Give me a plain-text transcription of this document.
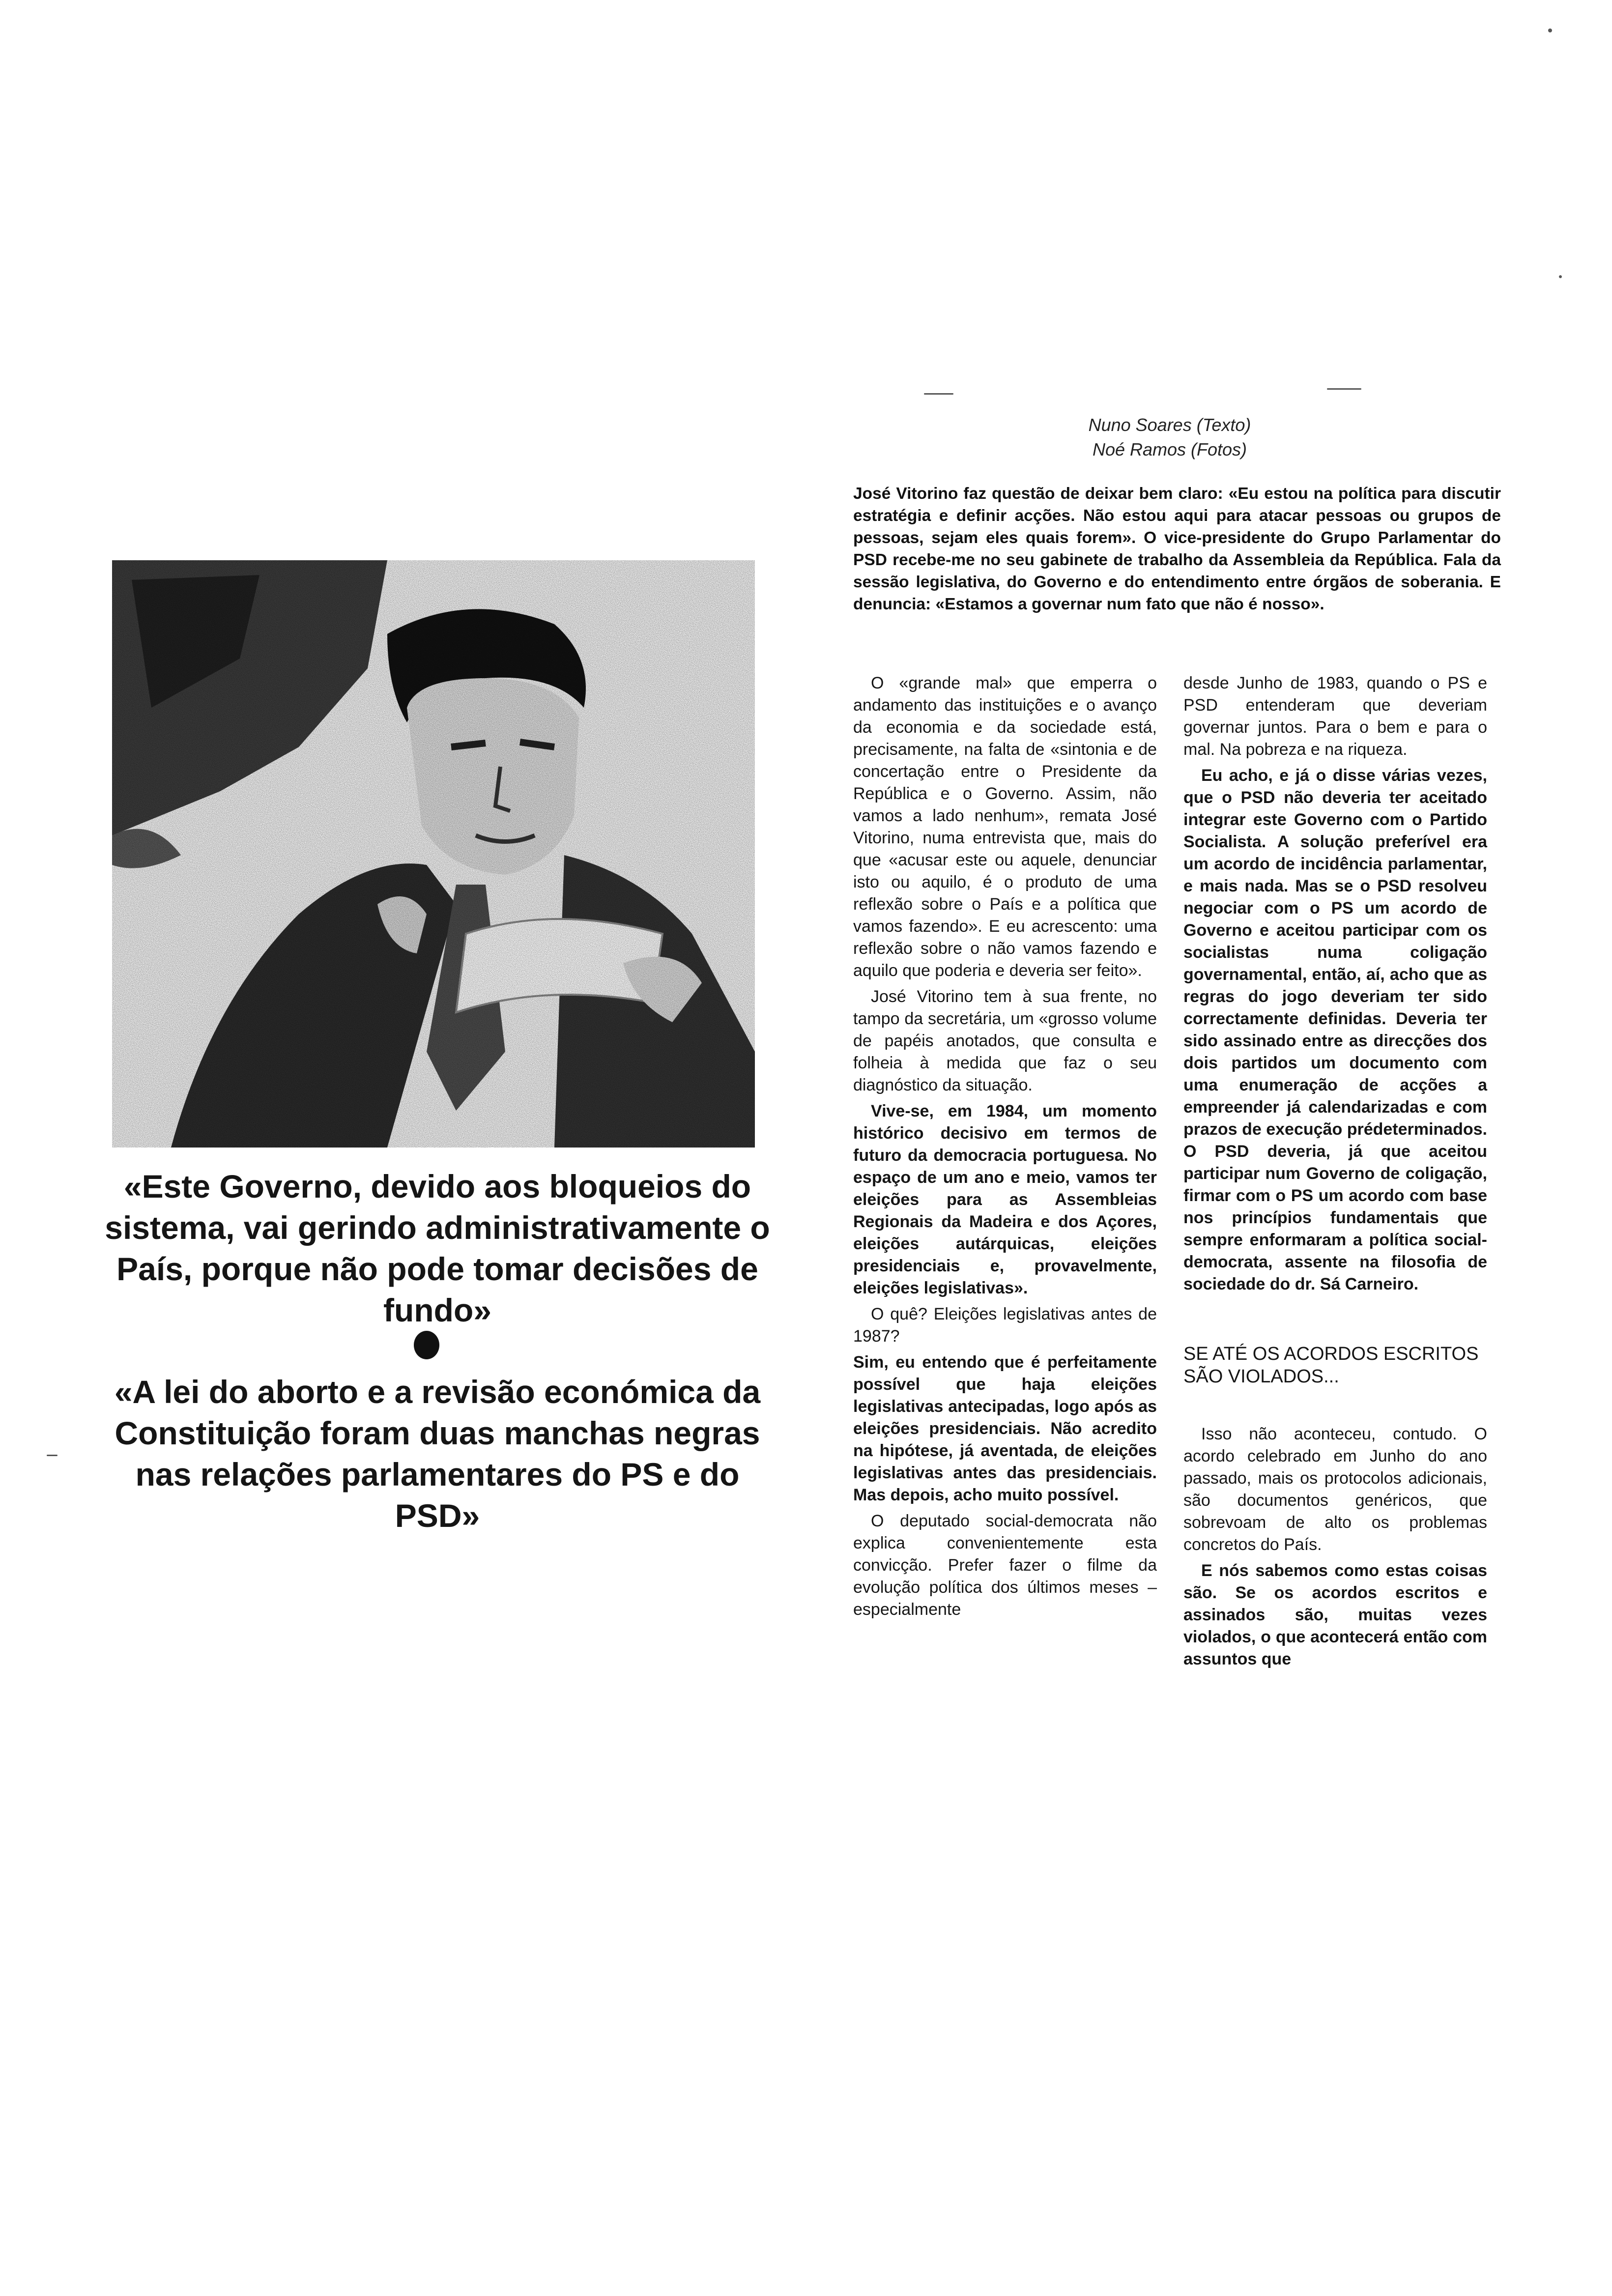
«Este Governo, devido aos bloqueios do sistema, vai gerindo administrativamente o País, porque não pode tomar decisões de fundo»

«A lei do aborto e a revisão económica da Constituição foram duas manchas negras nas relações parlamentares do PS e do PSD»

Nuno Soares (Texto)
Noé Ramos (Fotos)

José Vitorino faz questão de deixar bem claro: «Eu estou na política para discutir estratégia e definir acções. Não estou aqui para atacar pessoas ou grupos de pessoas, sejam eles quais forem». O vice-presidente do Grupo Parlamentar do PSD recebe-me no seu gabinete de trabalho da Assembleia da República. Fala da sessão legislativa, do Governo e do entendimento entre órgãos de soberania. E denuncia: «Estamos a governar num fato que não é nosso».

O «grande mal» que emperra o andamento das instituições e o avanço da economia e da sociedade está, precisamente, na falta de «sintonia e de concertação entre o Presidente da República e o Governo. Assim, não vamos a lado nenhum», remata José Vitorino, numa entrevista que, mais do que «acusar este ou aquele, denunciar isto ou aquilo, é o produto de uma reflexão sobre o País e a política que vamos fazendo». E eu acrescento: uma reflexão sobre o não vamos fazendo e aquilo que poderia e deveria ser feito».

José Vitorino tem à sua frente, no tampo da secretária, um «grosso volume de papéis anotados, que consulta e folheia à medida que faz o seu diagnóstico da situação.

Vive-se, em 1984, um momento histórico decisivo em termos de futuro da democracia portuguesa. No espaço de um ano e meio, vamos ter eleições para as Assembleias Regionais da Madeira e dos Açores, eleições autárquicas, eleições presidenciais e, provavelmente, eleições legislativas».

O quê? Eleições legislativas antes de 1987?

Sim, eu entendo que é perfeitamente possível que haja eleições legislativas antecipadas, logo após as eleições presidenciais. Não acredito na hipótese, já aventada, de eleições legislativas antes das presidenciais. Mas depois, acho muito possível.

O deputado social-democrata não explica convenientemente esta convicção. Prefer fazer o filme da evolução política dos últimos meses – especialmente

desde Junho de 1983, quando o PS e PSD entenderam que deveriam governar juntos. Para o bem e para o mal. Na pobreza e na riqueza.

Eu acho, e já o disse várias vezes, que o PSD não deveria ter aceitado integrar este Governo com o Partido Socialista. A solução preferível era um acordo de incidência parlamentar, e mais nada. Mas se o PSD resolveu negociar com o PS um acordo de Governo e aceitou participar com os socialistas numa coligação governamental, então, aí, acho que as regras do jogo deveriam ter sido correctamente definidas. Deveria ter sido assinado entre as direcções dos dois partidos um documento com uma enumeração de acções a empreender já calendarizadas e com prazos de execução prédeterminados. O PSD deveria, já que aceitou participar num Governo de coligação, firmar com o PS um acordo com base nos princípios fundamentais que sempre enformaram a política social-democrata, assente na filosofia de sociedade do dr. Sá Carneiro.

SE ATÉ OS ACORDOS ESCRITOS SÃO VIOLADOS...

Isso não aconteceu, contudo. O acordo celebrado em Junho do ano passado, mais os protocolos adicionais, são documentos genéricos, que sobrevoam de alto os problemas concretos do País.

E nós sabemos como estas coisas são. Se os acordos escritos e assinados são, muitas vezes violados, o que acontecerá então com assuntos que
